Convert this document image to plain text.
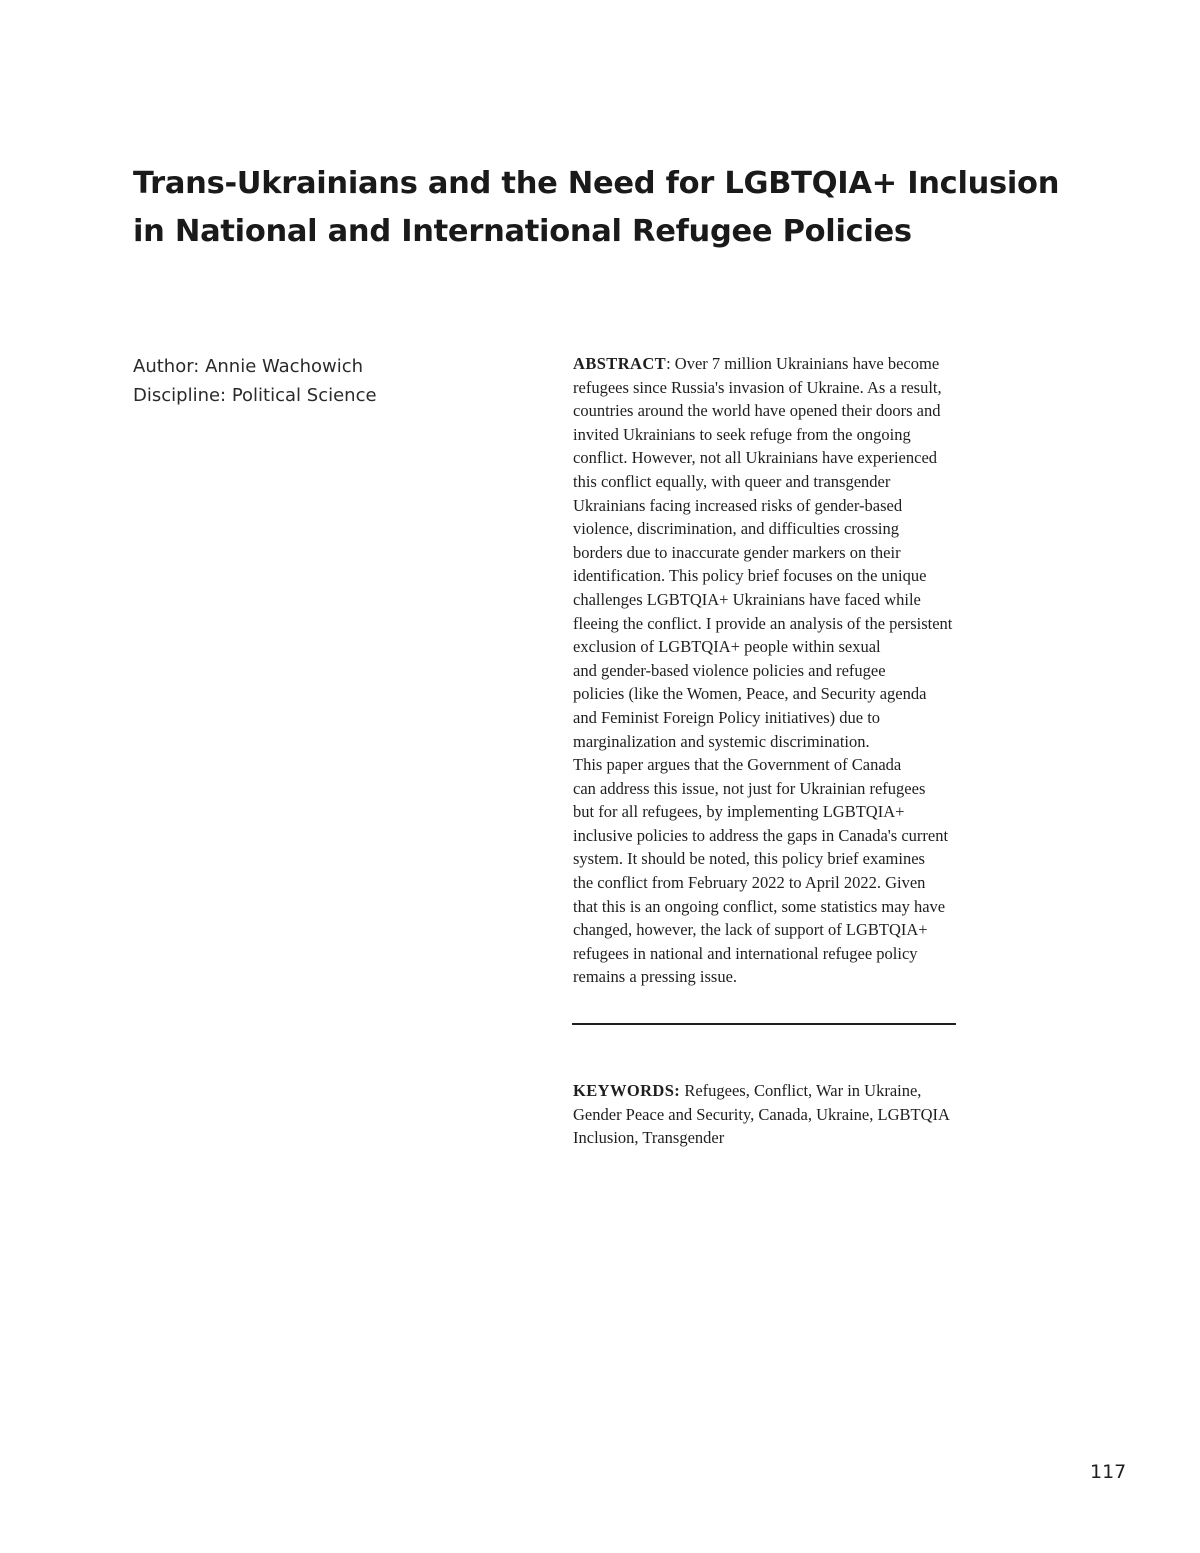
Trans-Ukrainians and the Need for LGBTQIA+ Inclusion
in National and International Refugee Policies
Author: Annie Wachowich
Discipline: Political Science
ABSTRACT: Over 7 million Ukrainians have become
refugees since Russia's invasion of Ukraine. As a result,
countries around the world have opened their doors and
invited Ukrainians to seek refuge from the ongoing
conflict. However, not all Ukrainians have experienced
this conflict equally, with queer and transgender
Ukrainians facing increased risks of gender-based
violence, discrimination, and difficulties crossing
borders due to inaccurate gender markers on their
identification. This policy brief focuses on the unique
challenges LGBTQIA+ Ukrainians have faced while
fleeing the conflict. I provide an analysis of the persistent
exclusion of LGBTQIA+ people within sexual
and gender-based violence policies and refugee
policies (like the Women, Peace, and Security agenda
and Feminist Foreign Policy initiatives) due to
marginalization and systemic discrimination.
This paper argues that the Government of Canada
can address this issue, not just for Ukrainian refugees
but for all refugees, by implementing LGBTQIA+
inclusive policies to address the gaps in Canada's current
system. It should be noted, this policy brief examines
the conflict from February 2022 to April 2022. Given
that this is an ongoing conflict, some statistics may have
changed, however, the lack of support of LGBTQIA+
refugees in national and international refugee policy
remains a pressing issue.
KEYWORDS: Refugees, Conflict, War in Ukraine,
Gender Peace and Security, Canada, Ukraine, LGBTQIA
Inclusion, Transgender
117
